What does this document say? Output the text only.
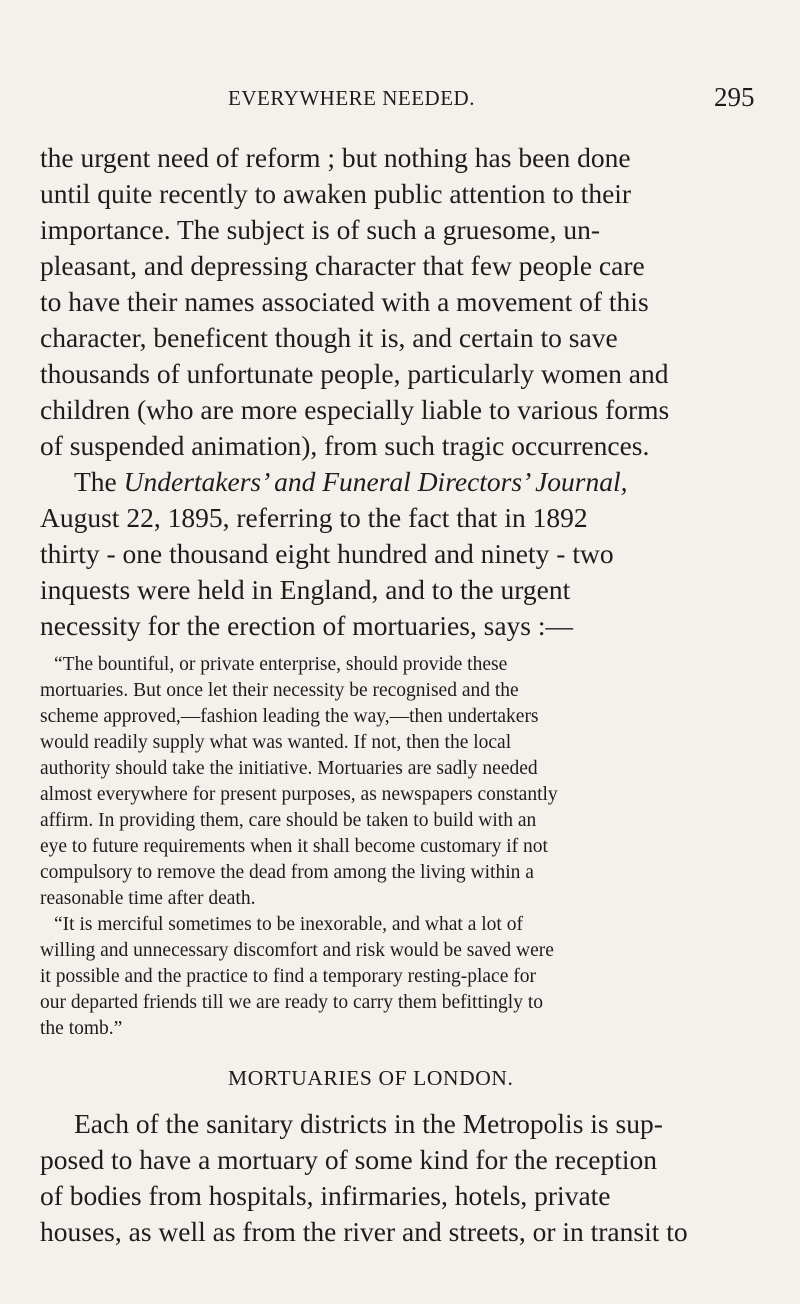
EVERYWHERE NEEDED.	295
the urgent need of reform ; but nothing has been done
until quite recently to awaken public attention to their
importance. The subject is of such a gruesome, un-
pleasant, and depressing character that few people care
to have their names associated with a movement of this
character, beneficent though it is, and certain to save
thousands of unfortunate people, particularly women and
children (who are more especially liable to various forms
of suspended animation), from such tragic occurrences.
The Undertakers’ and Funeral Directors’ Journal,
August 22, 1895, referring to the fact that in 1892
thirty - one thousand eight hundred and ninety - two
inquests were held in England, and to the urgent
necessity for the erection of mortuaries, says :—
“The bountiful, or private enterprise, should provide these
mortuaries. But once let their necessity be recognised and the
scheme approved,—fashion leading the way,—then undertakers
would readily supply what was wanted. If not, then the local
authority should take the initiative. Mortuaries are sadly needed
almost everywhere for present purposes, as newspapers constantly
affirm. In providing them, care should be taken to build with an
eye to future requirements when it shall become customary if not
compulsory to remove the dead from among the living within a
reasonable time after death.
“It is merciful sometimes to be inexorable, and what a lot of
willing and unnecessary discomfort and risk would be saved were
it possible and the practice to find a temporary resting-place for
our departed friends till we are ready to carry them befittingly to
the tomb.”
MORTUARIES OF LONDON.
Each of the sanitary districts in the Metropolis is sup-
posed to have a mortuary of some kind for the reception
of bodies from hospitals, infirmaries, hotels, private
houses, as well as from the river and streets, or in transit to
